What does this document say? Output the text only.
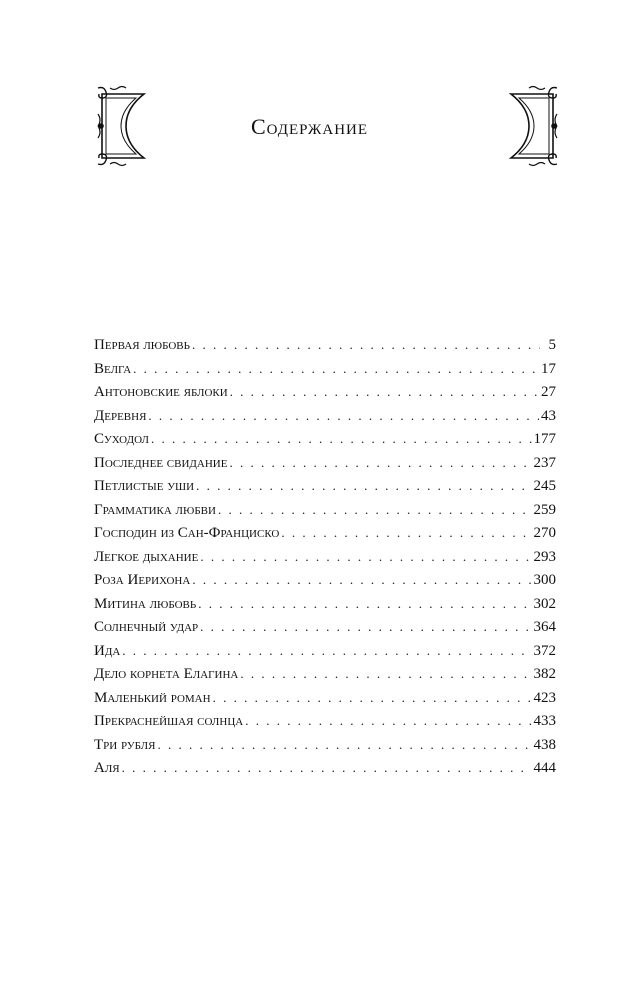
Содержание
Первая любовь . . .	5
Велга . . .	17
Антоновские яблоки . . .	27
Деревня . . .	43
Суходол . . .	177
Последнее свидание . . .	237
Петлистые уши . . .	245
Грамматика любви . . .	259
Господин из Сан-Франциско . . .	270
Легкое дыхание . . .	293
Роза Иерихона . . .	300
Митина любовь . . .	302
Солнечный удар . . .	364
Ида . . .	372
Дело корнета Елагина . . .	382
Маленький роман . . .	423
Прекраснейшая солнца . . .	433
Три рубля . . .	438
Аля . . .	444
